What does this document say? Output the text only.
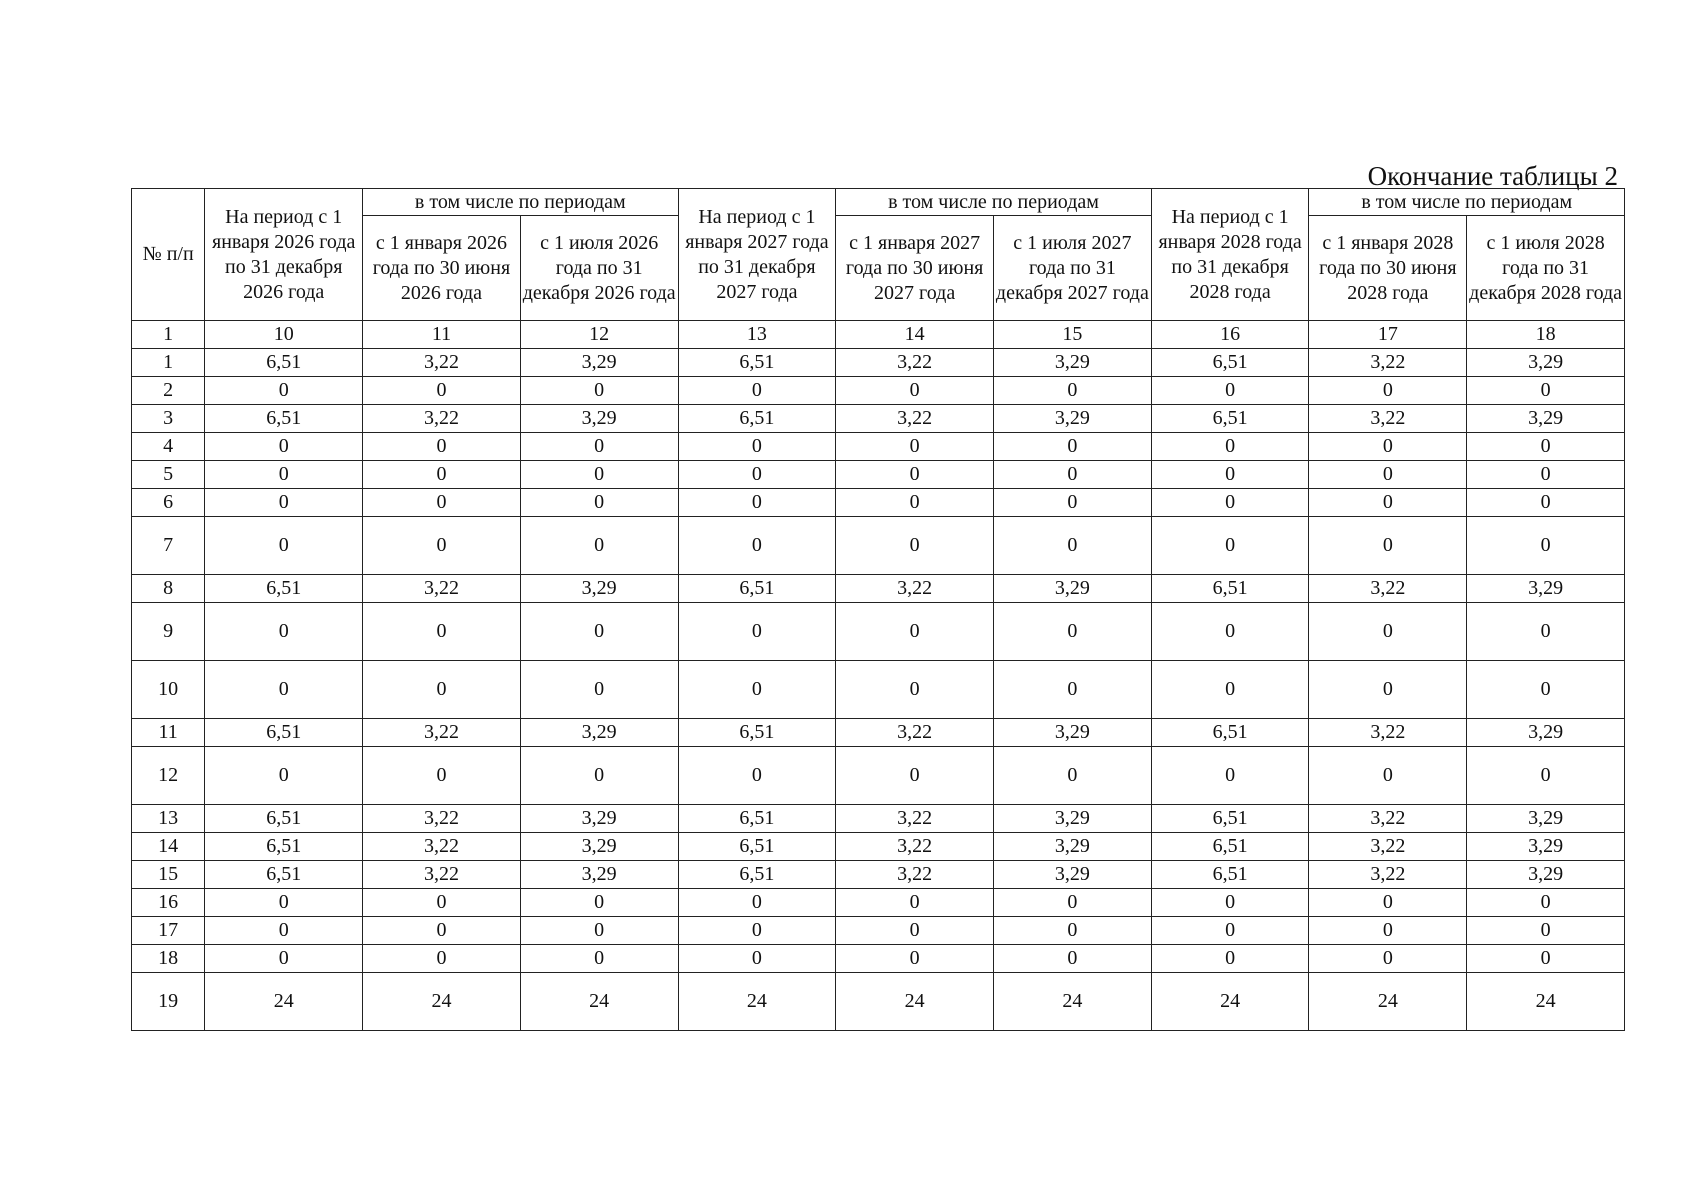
Окончание таблицы 2
№ п/п	На период с 1 января 2026 года по 31 декабря 2026 года	в том числе по периодам		На период с 1 января 2027 года по 31 декабря 2027 года	в том числе по периодам		На период с 1 января 2028 года по 31 декабря 2028 года	в том числе по периодам	
		с 1 января 2026 года по 30 июня 2026 года	с 1 июля 2026 года по 31 декабря 2026 года		с 1 января 2027 года по 30 июня 2027 года	с 1 июля 2027 года по 31 декабря 2027 года		с 1 января 2028 года по 30 июня 2028 года	с 1 июля 2028 года по 31 декабря 2028 года
1	10	11	12	13	14	15	16	17	18
1	6,51	3,22	3,29	6,51	3,22	3,29	6,51	3,22	3,29
2	0	0	0	0	0	0	0	0	0
3	6,51	3,22	3,29	6,51	3,22	3,29	6,51	3,22	3,29
4	0	0	0	0	0	0	0	0	0
5	0	0	0	0	0	0	0	0	0
6	0	0	0	0	0	0	0	0	0
7	0	0	0	0	0	0	0	0	0
8	6,51	3,22	3,29	6,51	3,22	3,29	6,51	3,22	3,29
9	0	0	0	0	0	0	0	0	0
10	0	0	0	0	0	0	0	0	0
11	6,51	3,22	3,29	6,51	3,22	3,29	6,51	3,22	3,29
12	0	0	0	0	0	0	0	0	0
13	6,51	3,22	3,29	6,51	3,22	3,29	6,51	3,22	3,29
14	6,51	3,22	3,29	6,51	3,22	3,29	6,51	3,22	3,29
15	6,51	3,22	3,29	6,51	3,22	3,29	6,51	3,22	3,29
16	0	0	0	0	0	0	0	0	0
17	0	0	0	0	0	0	0	0	0
18	0	0	0	0	0	0	0	0	0
19	24	24	24	24	24	24	24	24	24
